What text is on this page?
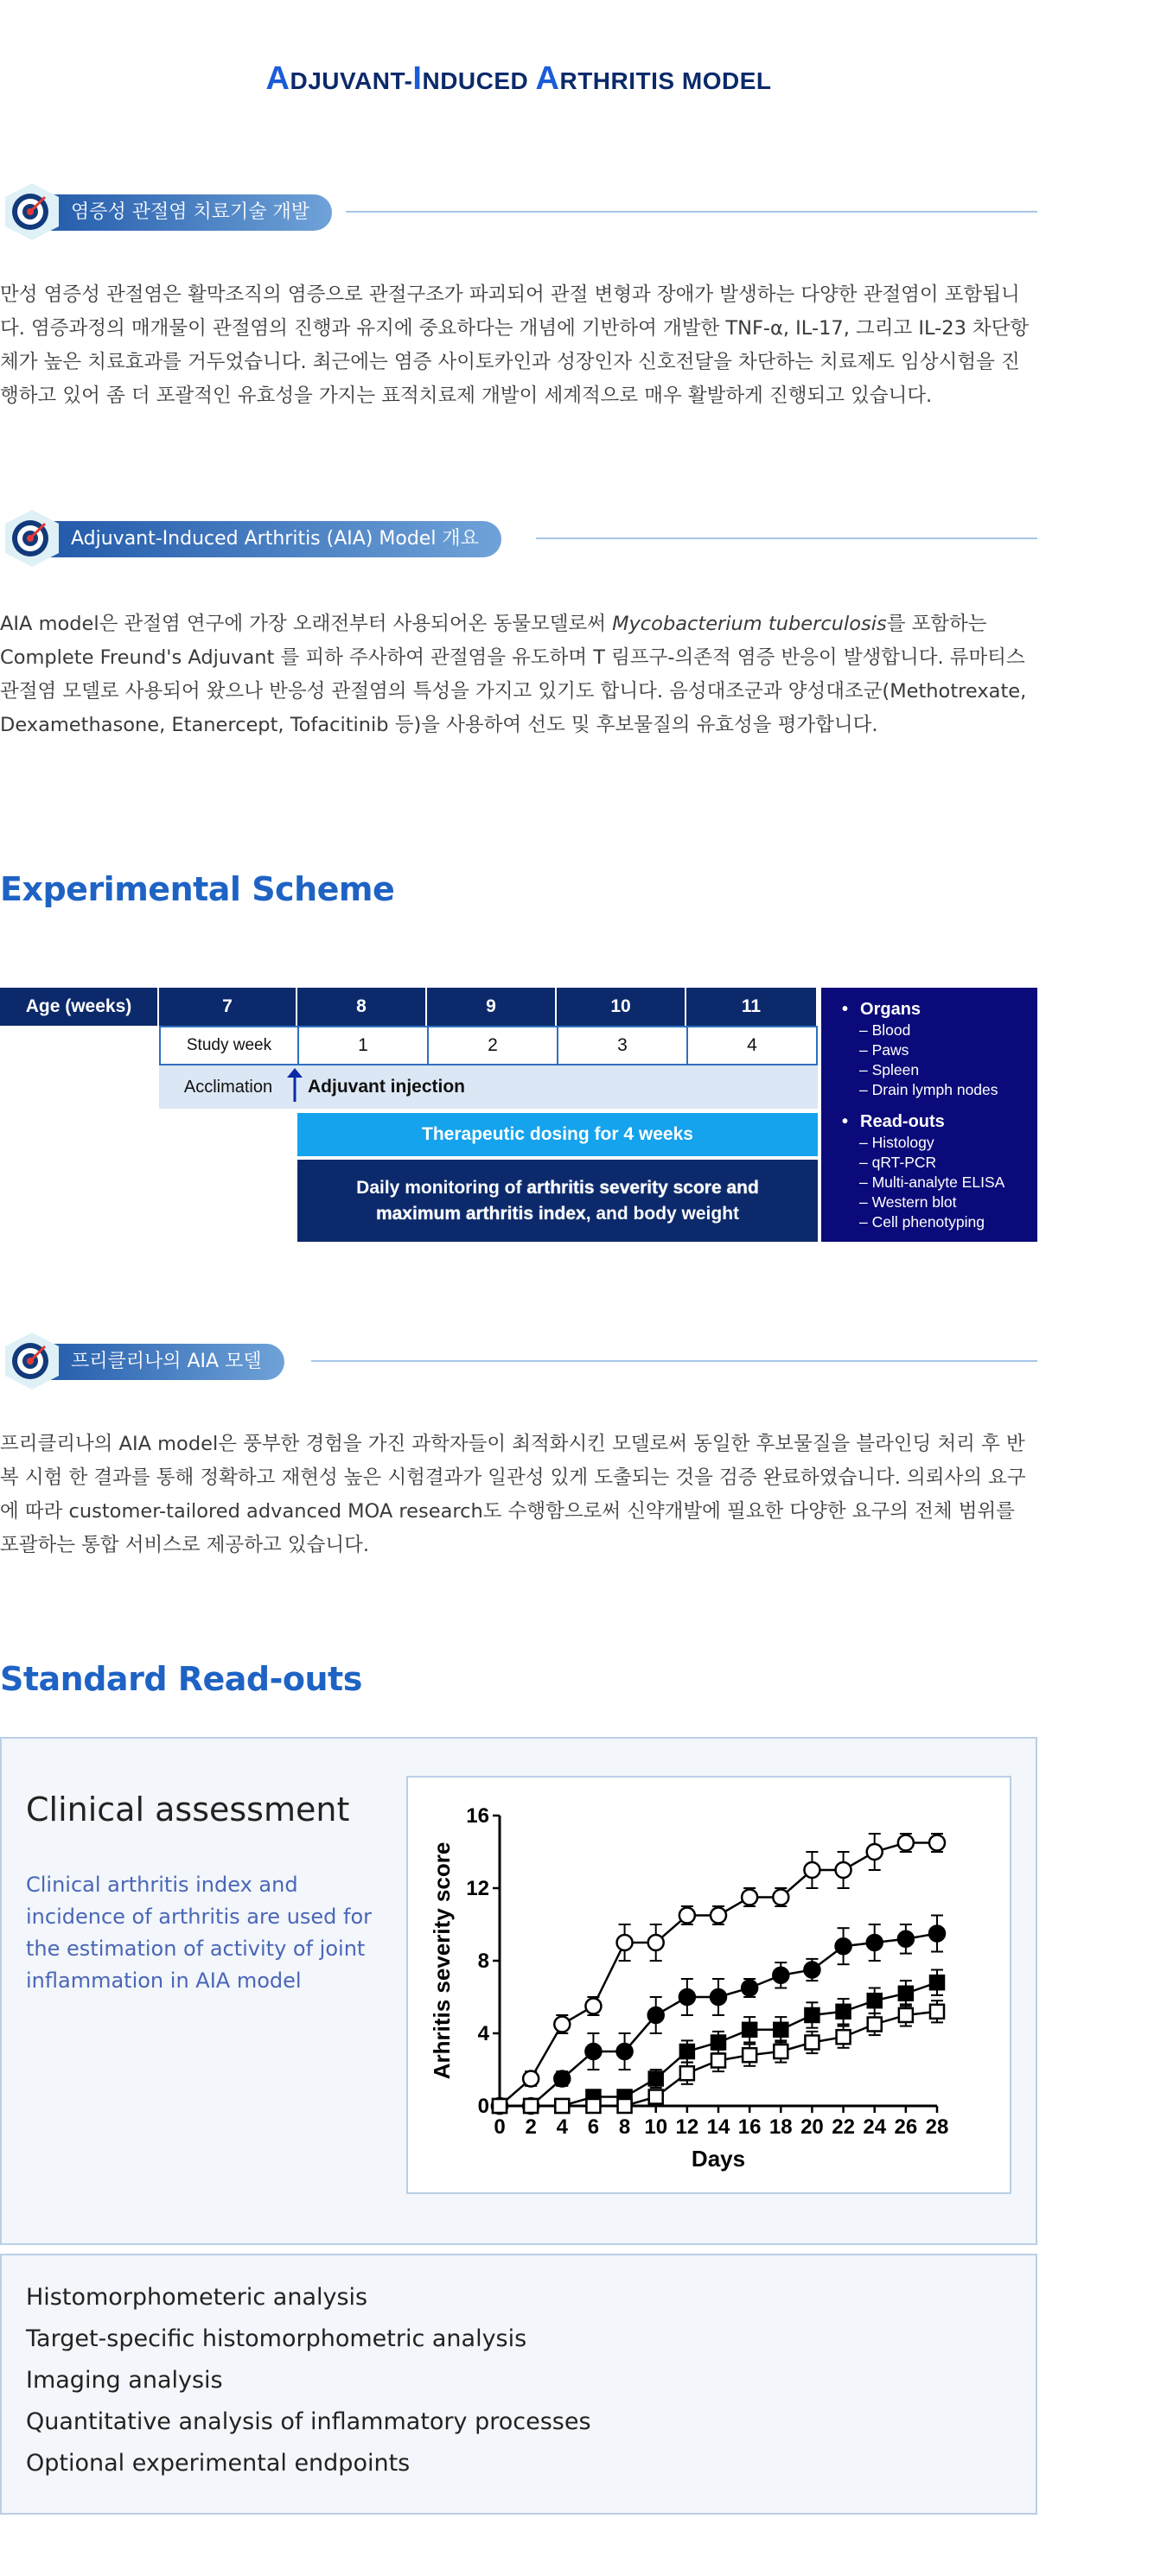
ADJUVANT-INDUCED ARTHRITIS MODEL
염증성 관절염 치료기술 개발
만성 염증성 관절염은 활막조직의 염증으로 관절구조가 파괴되어 관절 변형과 장애가 발생하는 다양한 관절염이 포함됩니다. 염증과정의 매개물이 관절염의 진행과 유지에 중요하다는 개념에 기반하여 개발한 TNF-α, IL-17, 그리고 IL-23 차단항체가 높은 치료효과를 거두었습니다. 최근에는 염증 사이토카인과 성장인자 신호전달을 차단하는 치료제도 임상시험을 진행하고 있어 좀 더 포괄적인 유효성을 가지는 표적치료제 개발이 세계적으로 매우 활발하게 진행되고 있습니다.
Adjuvant-Induced Arthritis (AIA) Model 개요
AIA model은 관절염 연구에 가장 오래전부터 사용되어온 동물모델로써 Mycobacterium tuberculosis를 포함하는 Complete Freund's Adjuvant 를 피하 주사하여 관절염을 유도하며 T 림프구-의존적 염증 반응이 발생합니다. 류마티스관절염 모델로 사용되어 왔으나 반응성 관절염의 특성을 가지고 있기도 합니다. 음성대조군과 양성대조군(Methotrexate, Dexamethasone, Etanercept, Tofacitinib 등)을 사용하여 선도 및 후보물질의 유효성을 평가합니다.
Experimental Scheme
Age (weeks)	7	8	9	10	11
Study week	1	2	3	4
Acclimation	Adjuvant injection
Therapeutic dosing for 4 weeks
Daily monitoring of arthritis severity score and maximum arthritis index, and body weight
• Organs
– Blood
– Paws
– Spleen
– Drain lymph nodes
• Read-outs
– Histology
– qRT-PCR
– Multi-analyte ELISA
– Western blot
– Cell phenotyping
프리클리나의 AIA 모델
프리클리나의 AIA model은 풍부한 경험을 가진 과학자들이 최적화시킨 모델로써 동일한 후보물질을 블라인딩 처리 후 반복 시험 한 결과를 통해 정확하고 재현성 높은 시험결과가 일관성 있게 도출되는 것을 검증 완료하였습니다. 의뢰사의 요구에 따라 customer-tailored advanced MOA research도 수행함으로써 신약개발에 필요한 다양한 요구의 전체 범위를 포괄하는 통합 서비스로 제공하고 있습니다.
Standard Read-outs
Clinical assessment
Clinical arthritis index and incidence of arthritis are used for the estimation of activity of joint inflammation in AIA model
0
4
8
12
16
0 2 4 6 8 10 12 14 16 18 20 22 24 26 28
Days
Arhritis severity score
Histomorphometeric analysis
Target-specific histomorphometric analysis
Imaging analysis
Quantitative analysis of inflammatory processes
Optional experimental endpoints
